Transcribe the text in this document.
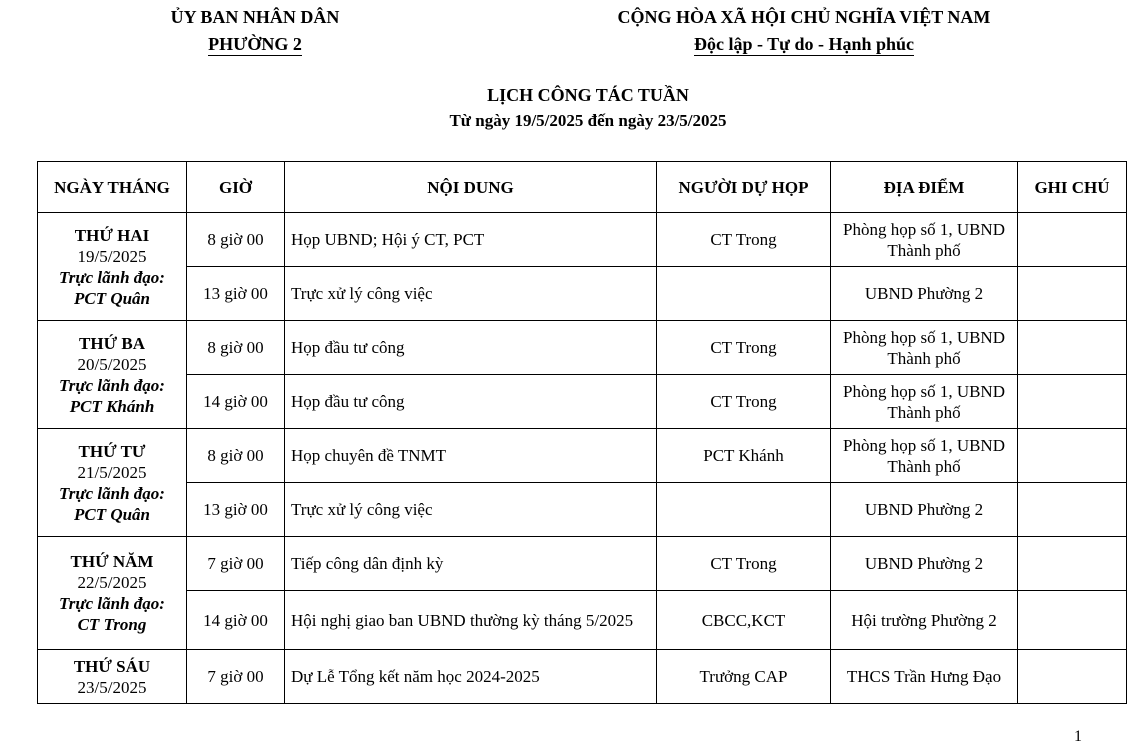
ỦY BAN NHÂN DÂN
PHƯỜNG 2
CỘNG HÒA XÃ HỘI CHỦ NGHĨA VIỆT NAM
Độc lập - Tự do - Hạnh phúc
LỊCH CÔNG TÁC TUẦN
Từ ngày 19/5/2025 đến ngày 23/5/2025
NGÀY THÁNG	GIỜ	NỘI DUNG	NGƯỜI DỰ HỌP	ĐỊA ĐIỂM	GHI CHÚ

THỨ HAI
19/5/2025
Trực lãnh đạo:
PCT Quân	8 giờ 00	Họp UBND; Hội ý CT, PCT	CT Trong	Phòng họp số 1, UBND Thành phố	
	13 giờ 00	Trực xử lý công việc		UBND Phường 2	

THỨ BA
20/5/2025
Trực lãnh đạo:
PCT Khánh	8 giờ 00	Họp đầu tư công	CT Trong	Phòng họp số 1, UBND Thành phố	
	14 giờ 00	Họp đầu tư công	CT Trong	Phòng họp số 1, UBND Thành phố	

THỨ TƯ
21/5/2025
Trực lãnh đạo:
PCT Quân	8 giờ 00	Họp chuyên đề TNMT	PCT Khánh	Phòng họp số 1, UBND Thành phố	
	13 giờ 00	Trực xử lý công việc		UBND Phường 2	

THỨ NĂM
22/5/2025
Trực lãnh đạo:
CT Trong	7 giờ 00	Tiếp công dân định kỳ	CT Trong	UBND Phường 2	
	14 giờ 00	Hội nghị giao ban UBND thường kỳ tháng 5/2025	CBCC,KCT	Hội trường Phường 2	

THỨ SÁU
23/5/2025	7 giờ 00	Dự Lễ Tổng kết năm học 2024-2025	Trưởng CAP	THCS Trần Hưng Đạo	
1
